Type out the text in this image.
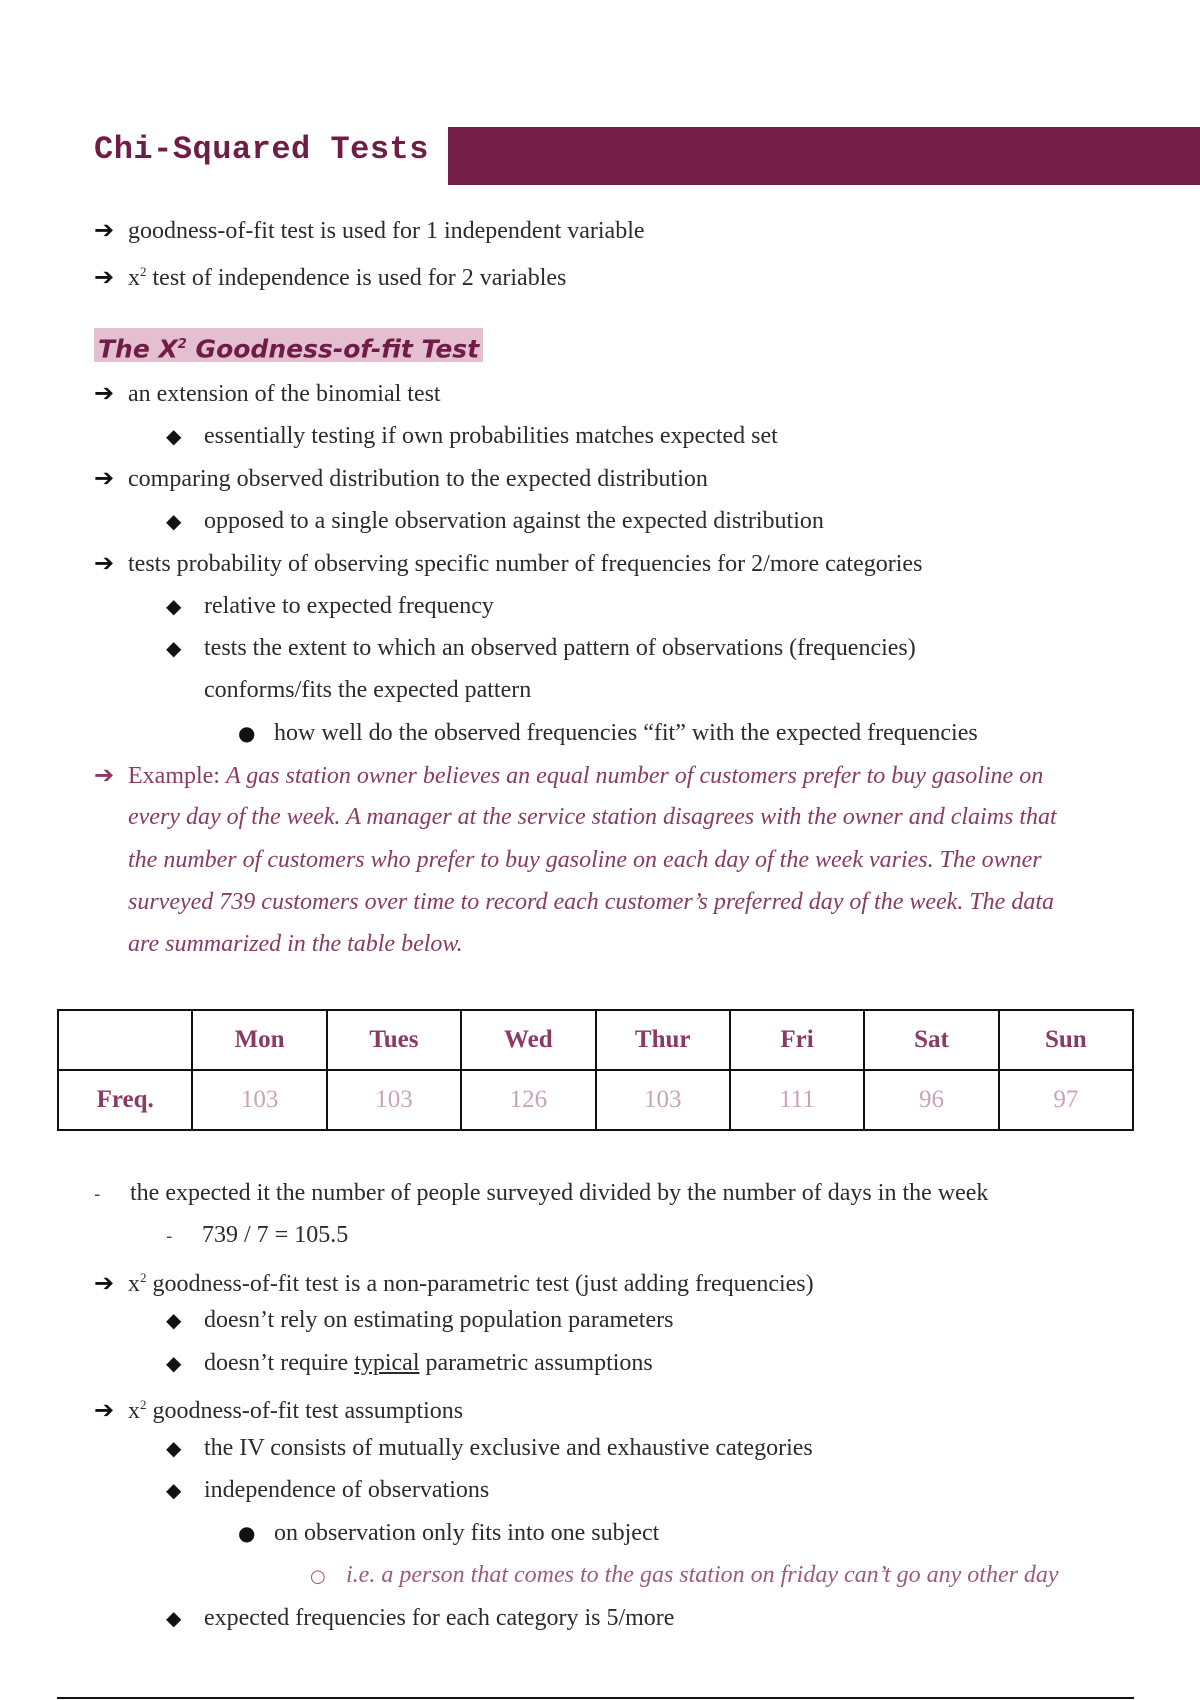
Chi-Squared Tests
➔ goodness-of-fit test is used for 1 independent variable
➔ $x^2$ test of independence is used for 2 variables
The $X^2$ Goodness-of-fit Test
➔ an extension of the binomial test
◆ essentially testing if own probabilities matches expected set
➔ comparing observed distribution to the expected distribution
◆ opposed to a single observation against the expected distribution
➔ tests probability of observing specific number of frequencies for 2/more categories
◆ relative to expected frequency
◆ tests the extent to which an observed pattern of observations (frequencies)
conforms/fits the expected pattern
● how well do the observed frequencies “fit” with the expected frequencies
➔ Example: A gas station owner believes an equal number of customers prefer to buy gasoline on
every day of the week. A manager at the service station disagrees with the owner and claims that
the number of customers who prefer to buy gasoline on each day of the week varies. The owner
surveyed 739 customers over time to record each customer’s preferred day of the week. The data
are summarized in the table below.
	Mon	Tues	Wed	Thur	Fri	Sat	Sun
Freq.	103	103	126	103	111	96	97
- the expected it the number of people surveyed divided by the number of days in the week
- 739 / 7 = 105.5
➔ $x^2$ goodness-of-fit test is a non-parametric test (just adding frequencies)
◆ doesn’t rely on estimating population parameters
◆ doesn’t require typical parametric assumptions
➔ $x^2$ goodness-of-fit test assumptions
◆ the IV consists of mutually exclusive and exhaustive categories
◆ independence of observations
● on observation only fits into one subject
○ i.e. a person that comes to the gas station on friday can’t go any other day
◆ expected frequencies for each category is 5/more
